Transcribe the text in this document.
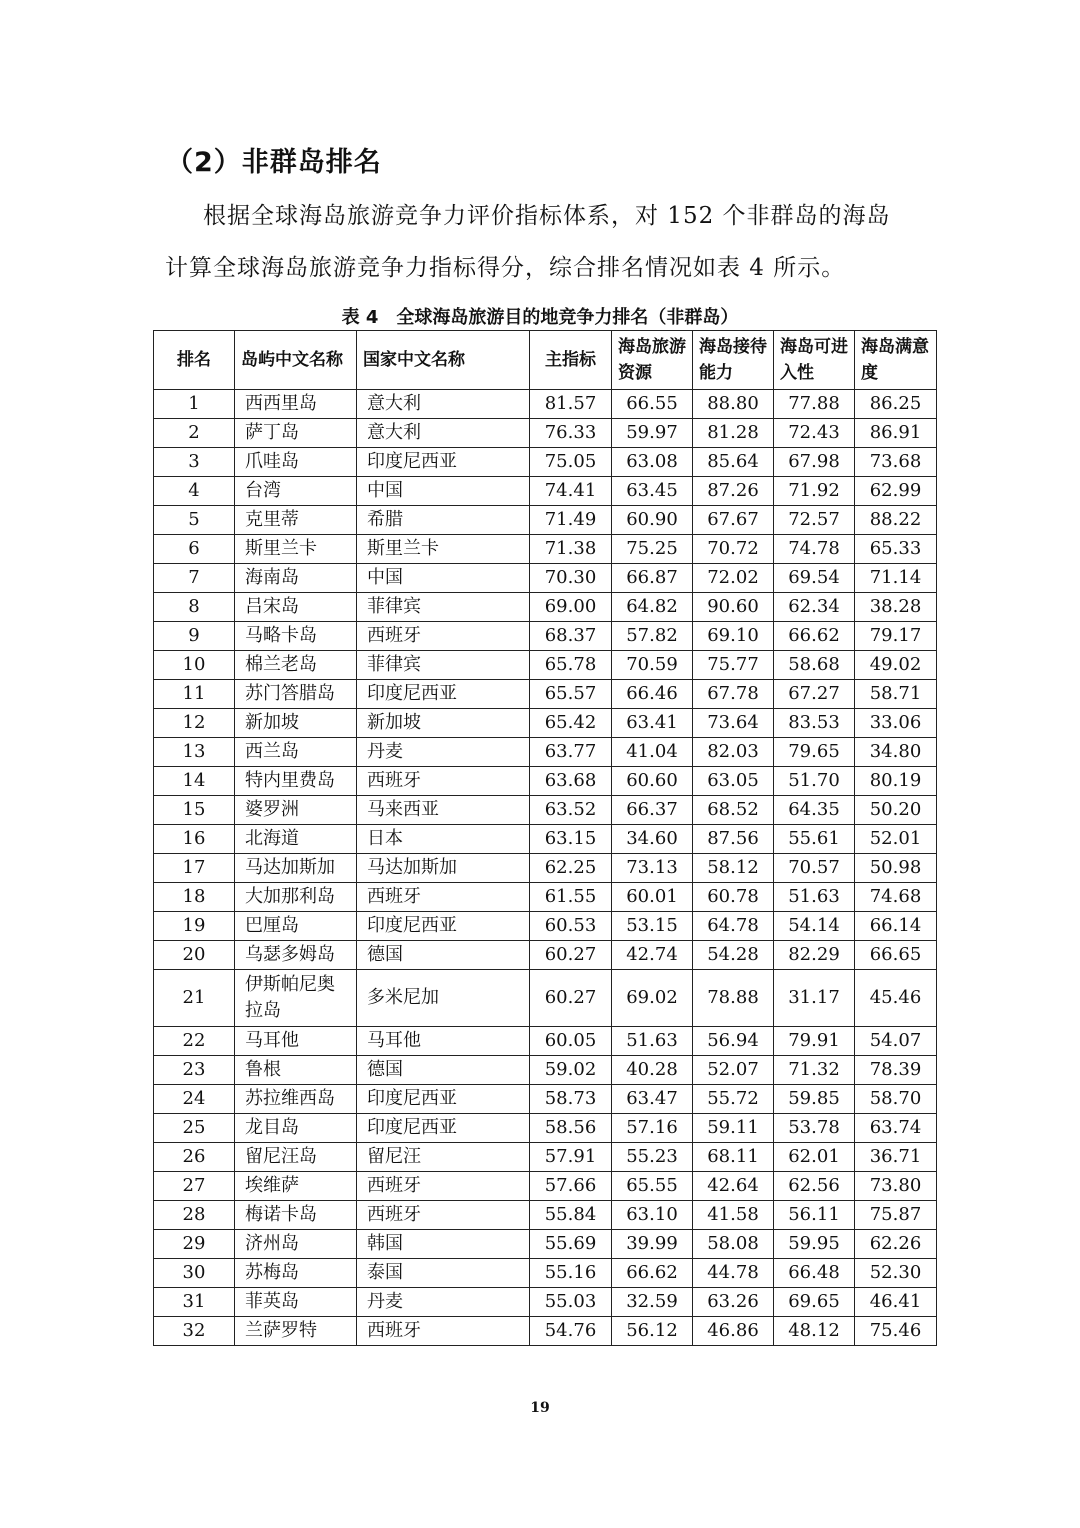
（2）非群岛排名
根据全球海岛旅游竞争力评价指标体系，对 152 个非群岛的海岛
计算全球海岛旅游竞争力指标得分，综合排名情况如表 4 所示。
表 4　全球海岛旅游目的地竞争力排名（非群岛）
排名	岛屿中文名称	国家中文名称	主指标	海岛旅游资源	海岛接待能力	海岛可进入性	海岛满意度
1	西西里岛	意大利	81.57	66.55	88.80	77.88	86.25
2	萨丁岛	意大利	76.33	59.97	81.28	72.43	86.91
3	爪哇岛	印度尼西亚	75.05	63.08	85.64	67.98	73.68
4	台湾	中国	74.41	63.45	87.26	71.92	62.99
5	克里蒂	希腊	71.49	60.90	67.67	72.57	88.22
6	斯里兰卡	斯里兰卡	71.38	75.25	70.72	74.78	65.33
7	海南岛	中国	70.30	66.87	72.02	69.54	71.14
8	吕宋岛	菲律宾	69.00	64.82	90.60	62.34	38.28
9	马略卡岛	西班牙	68.37	57.82	69.10	66.62	79.17
10	棉兰老岛	菲律宾	65.78	70.59	75.77	58.68	49.02
11	苏门答腊岛	印度尼西亚	65.57	66.46	67.78	67.27	58.71
12	新加坡	新加坡	65.42	63.41	73.64	83.53	33.06
13	西兰岛	丹麦	63.77	41.04	82.03	79.65	34.80
14	特内里费岛	西班牙	63.68	60.60	63.05	51.70	80.19
15	婆罗洲	马来西亚	63.52	66.37	68.52	64.35	50.20
16	北海道	日本	63.15	34.60	87.56	55.61	52.01
17	马达加斯加	马达加斯加	62.25	73.13	58.12	70.57	50.98
18	大加那利岛	西班牙	61.55	60.01	60.78	51.63	74.68
19	巴厘岛	印度尼西亚	60.53	53.15	64.78	54.14	66.14
20	乌瑟多姆岛	德国	60.27	42.74	54.28	82.29	66.65
21	伊斯帕尼奥拉岛	多米尼加	60.27	69.02	78.88	31.17	45.46
22	马耳他	马耳他	60.05	51.63	56.94	79.91	54.07
23	鲁根	德国	59.02	40.28	52.07	71.32	78.39
24	苏拉维西岛	印度尼西亚	58.73	63.47	55.72	59.85	58.70
25	龙目岛	印度尼西亚	58.56	57.16	59.11	53.78	63.74
26	留尼汪岛	留尼汪	57.91	55.23	68.11	62.01	36.71
27	埃维萨	西班牙	57.66	65.55	42.64	62.56	73.80
28	梅诺卡岛	西班牙	55.84	63.10	41.58	56.11	75.87
29	济州岛	韩国	55.69	39.99	58.08	59.95	62.26
30	苏梅岛	泰国	55.16	66.62	44.78	66.48	52.30
31	菲英岛	丹麦	55.03	32.59	63.26	69.65	46.41
32	兰萨罗特	西班牙	54.76	56.12	46.86	48.12	75.46
19
